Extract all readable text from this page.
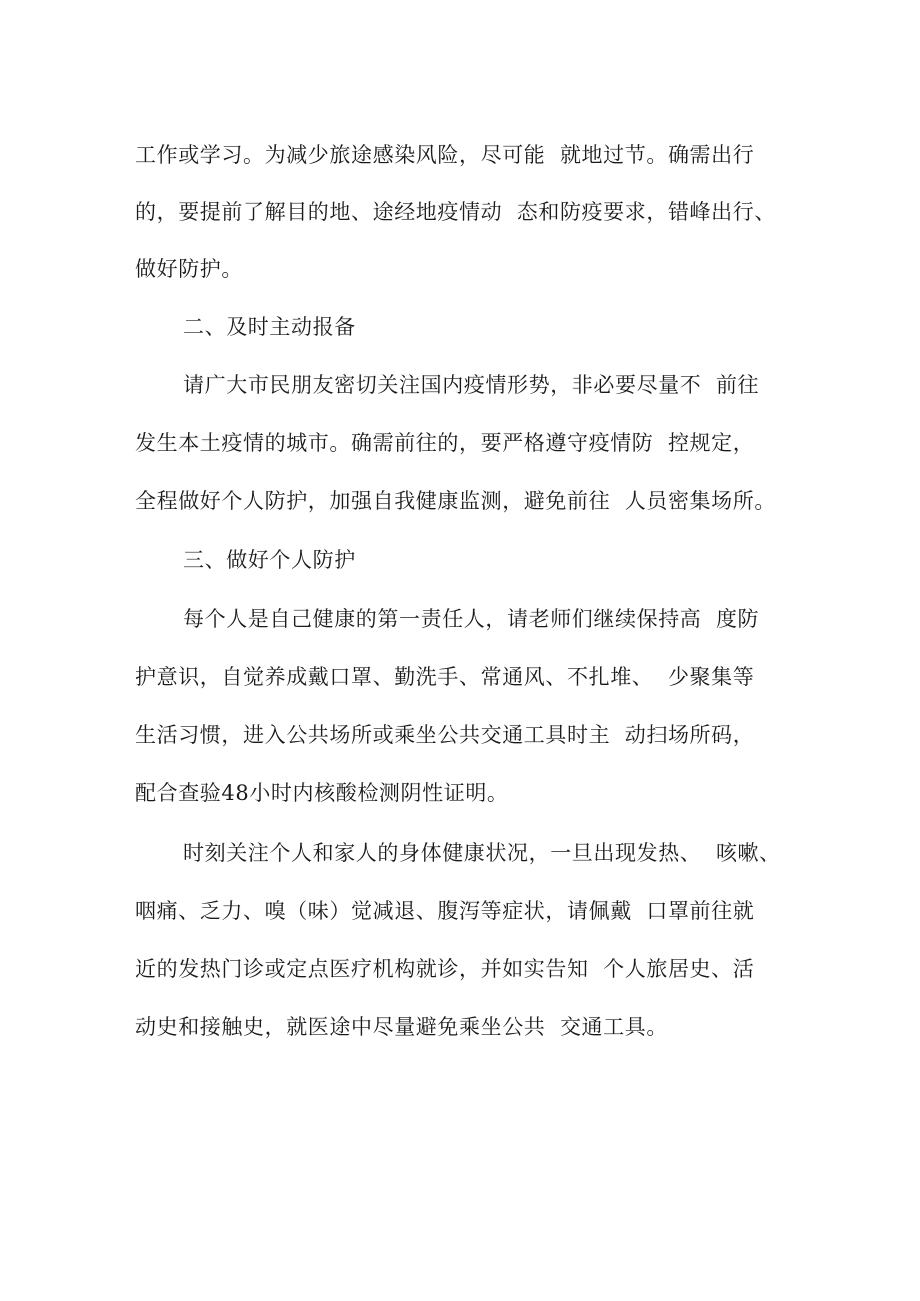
工作或学习。为减少旅途感染风险，尽可能  就地过节。确需出行
的，要提前了解目的地、途经地疫情动  态和防疫要求，错峰出行、
做好防护。
二、及时主动报备
请广大市民朋友密切关注国内疫情形势，非必要尽量不  前往
发生本土疫情的城市。确需前往的，要严格遵守疫情防  控规定，
全程做好个人防护，加强自我健康监测，避免前往  人员密集场所。
三、做好个人防护
每个人是自己健康的第一责任人，请老师们继续保持高  度防
护意识，自觉养成戴口罩、勤洗手、常通风、不扎堆、  少聚集等
生活习惯，进入公共场所或乘坐公共交通工具时主  动扫场所码，
配合查验48小时内核酸检测阴性证明。
时刻关注个人和家人的身体健康状况，一旦出现发热、  咳嗽、
咽痛、乏力、嗅（味）觉减退、腹泻等症状，请佩戴  口罩前往就
近的发热门诊或定点医疗机构就诊，并如实告知  个人旅居史、活
动史和接触史，就医途中尽量避免乘坐公共  交通工具。
